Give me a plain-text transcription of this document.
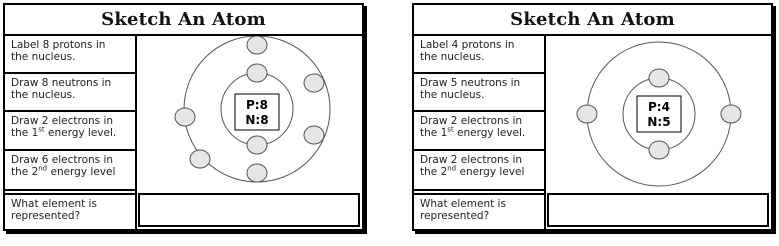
Sketch An Atom
Label 8 protons in
the nucleus.
Draw 8 neutrons in
the nucleus.
Draw 2 electrons in
the 1st energy level.
Draw 6 electrons in
the 2nd energy level
What element is
represented?
P:8
N:8
Sketch An Atom
Label 4 protons in
the nucleus.
Draw 5 neutrons in
the nucleus.
Draw 2 electrons in
the 1st energy level.
Draw 2 electrons in
the 2nd energy level
What element is
represented?
P:4
N:5
